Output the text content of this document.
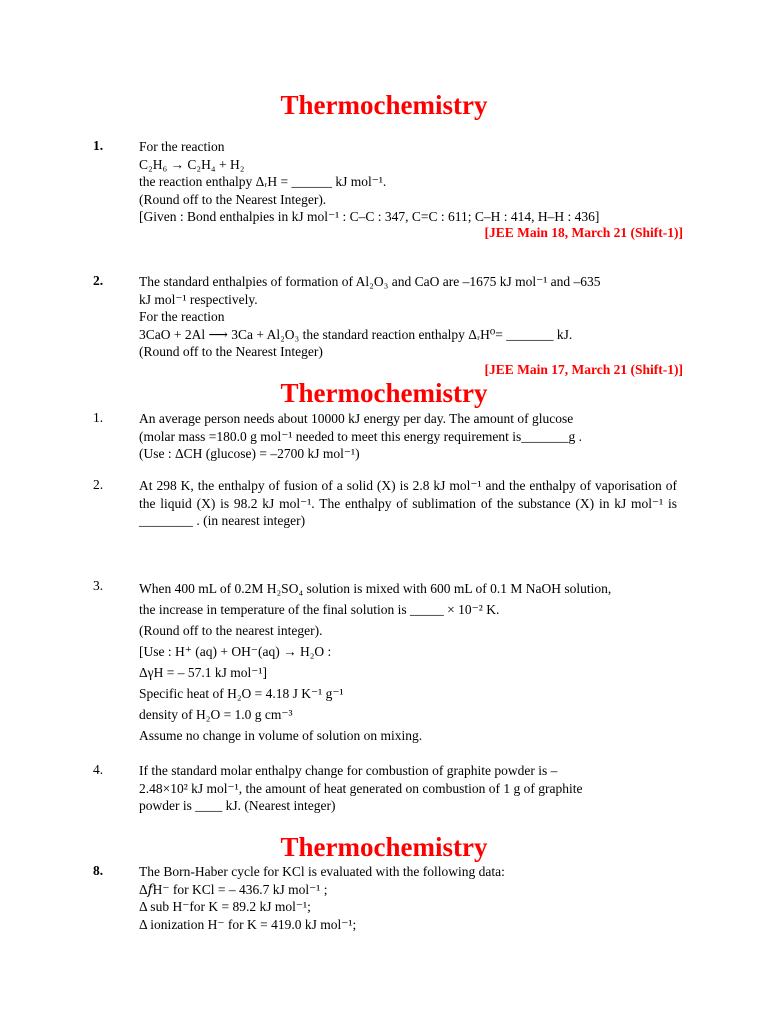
Thermochemistry
1.	For the reaction
C₂H₆ → C₂H₄ + H₂
the reaction enthalpy ΔᵣH = ______ kJ mol⁻¹.
(Round off to the Nearest Integer).
[Given : Bond enthalpies in kJ mol⁻¹ : C–C : 347, C=C : 611; C–H : 414, H–H : 436]
[JEE Main 18, March 21 (Shift-1)]
2.	The standard enthalpies of formation of Al₂O₃ and CaO are –1675 kJ mol⁻¹ and –635
kJ mol⁻¹ respectively.
For the reaction
3CaO + 2Al ⟶ 3Ca + Al₂O₃ the standard reaction enthalpy ΔᵣH⁰= _______ kJ.
(Round off to the Nearest Integer)
[JEE Main 17, March 21 (Shift-1)]
Thermochemistry
1.	An average person needs about 10000 kJ energy per day. The amount of glucose
(molar mass =180.0 g mol⁻¹ needed to meet this energy requirement is_______g .
(Use : ΔCH (glucose) = –2700 kJ mol⁻¹)
2.	At 298 K, the enthalpy of fusion of a solid (X) is 2.8 kJ mol⁻¹ and the enthalpy of vaporisation of the liquid (X) is 98.2 kJ mol⁻¹. The enthalpy of sublimation of the substance (X) in kJ mol⁻¹ is ________ . (in nearest integer)
3.	When 400 mL of 0.2M H₂SO₄ solution is mixed with 600 mL of 0.1 M NaOH solution,
the increase in temperature of the final solution is _____ × 10⁻² K.
(Round off to the nearest integer).
[Use : H⁺ (aq) + OH⁻(aq) → H₂O :
ΔγH = – 57.1 kJ mol⁻¹]
Specific heat of H₂O = 4.18 J K⁻¹ g⁻¹
density of H₂O = 1.0 g cm⁻³
Assume no change in volume of solution on mixing.
4.	If the standard molar enthalpy change for combustion of graphite powder is –
2.48×10² kJ mol⁻¹, the amount of heat generated on combustion of 1 g of graphite
powder is ____ kJ. (Nearest integer)
Thermochemistry
8.	The Born-Haber cycle for KCl is evaluated with the following data:
Δ𝑓H⁻ for KCl = – 436.7 kJ mol⁻¹ ;
Δ sub H⁻for K = 89.2 kJ mol⁻¹;
Δ ionization H⁻ for K = 419.0 kJ mol⁻¹;
